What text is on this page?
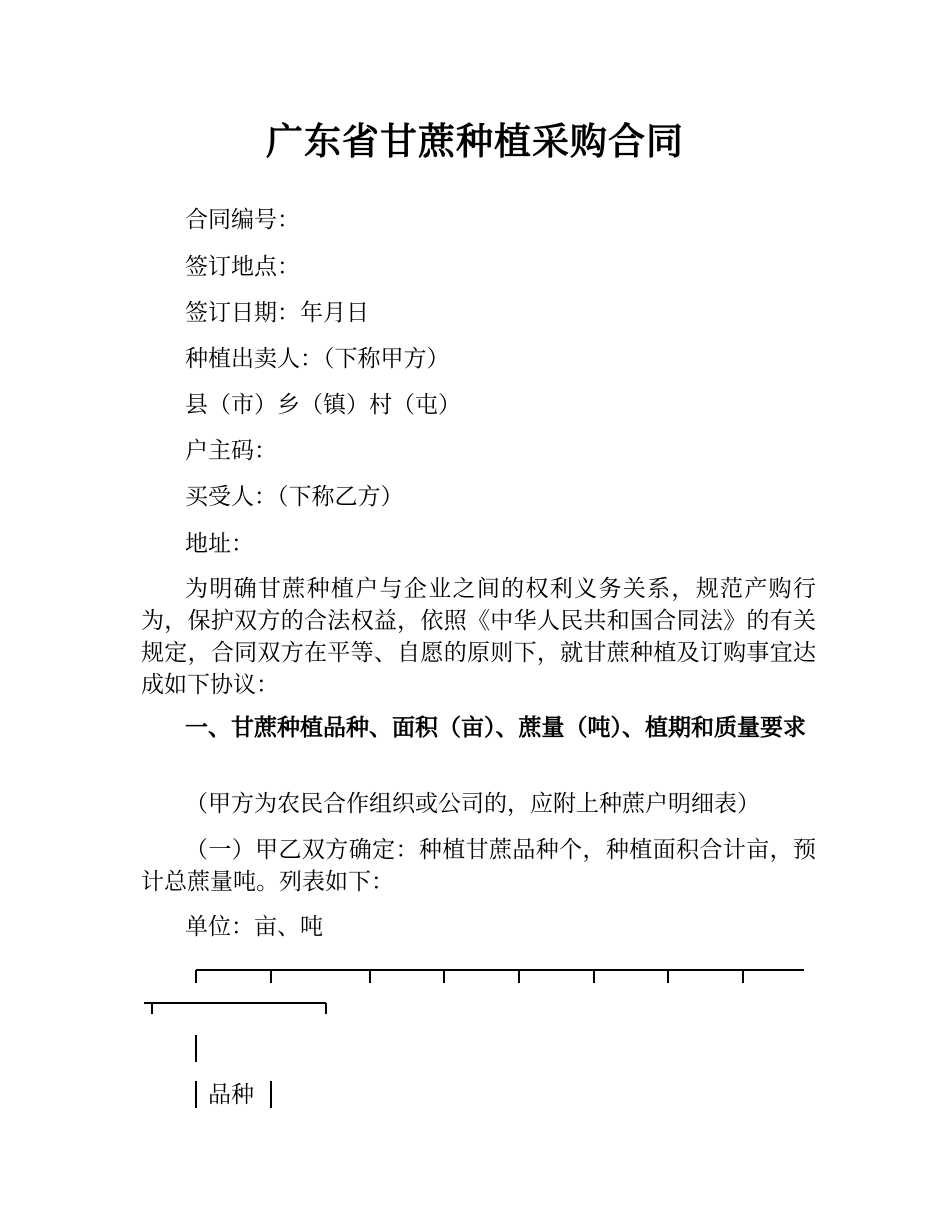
广东省甘蔗种植采购合同
合同编号：
签订地点：
签订日期：年月日
种植出卖人：（下称甲方）
县（市）乡（镇）村（屯）
户主码：
买受人：（下称乙方）
地址：
为明确甘蔗种植户与企业之间的权利义务关系，规范产购行为，保护双方的合法权益，依照《中华人民共和国合同法》的有关规定，合同双方在平等、自愿的原则下，就甘蔗种植及订购事宜达成如下协议：
一、甘蔗种植品种、面积（亩）、蔗量（吨）、植期和质量要求
（甲方为农民合作组织或公司的，应附上种蔗户明细表）
（一）甲乙双方确定：种植甘蔗品种个，种植面积合计亩，预计总蔗量吨。列表如下：
单位：亩、吨
品种
